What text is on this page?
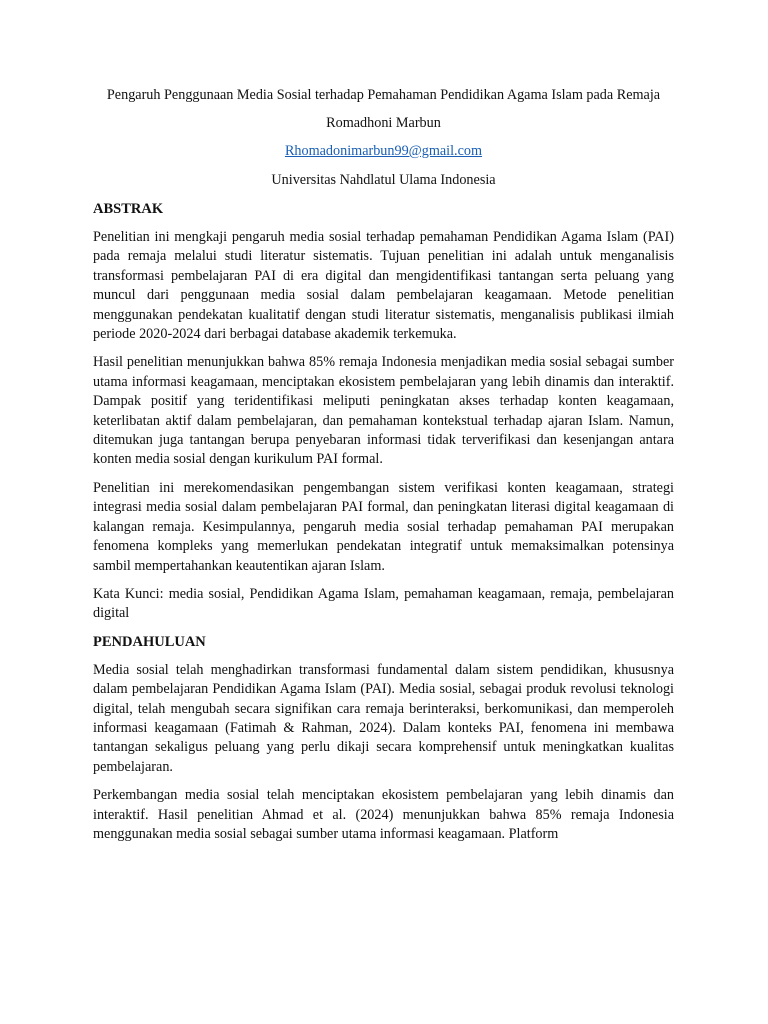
Pengaruh Penggunaan Media Sosial terhadap Pemahaman Pendidikan Agama Islam pada Remaja

Romadhoni Marbun

Rhomadonimarbun99@gmail.com

Universitas Nahdlatul Ulama Indonesia

ABSTRAK

Penelitian ini mengkaji pengaruh media sosial terhadap pemahaman Pendidikan Agama Islam (PAI) pada remaja melalui studi literatur sistematis. Tujuan penelitian ini adalah untuk menganalisis transformasi pembelajaran PAI di era digital dan mengidentifikasi tantangan serta peluang yang muncul dari penggunaan media sosial dalam pembelajaran keagamaan. Metode penelitian menggunakan pendekatan kualitatif dengan studi literatur sistematis, menganalisis publikasi ilmiah periode 2020-2024 dari berbagai database akademik terkemuka.

Hasil penelitian menunjukkan bahwa 85% remaja Indonesia menjadikan media sosial sebagai sumber utama informasi keagamaan, menciptakan ekosistem pembelajaran yang lebih dinamis dan interaktif. Dampak positif yang teridentifikasi meliputi peningkatan akses terhadap konten keagamaan, keterlibatan aktif dalam pembelajaran, dan pemahaman kontekstual terhadap ajaran Islam. Namun, ditemukan juga tantangan berupa penyebaran informasi tidak terverifikasi dan kesenjangan antara konten media sosial dengan kurikulum PAI formal.

Penelitian ini merekomendasikan pengembangan sistem verifikasi konten keagamaan, strategi integrasi media sosial dalam pembelajaran PAI formal, dan peningkatan literasi digital keagamaan di kalangan remaja. Kesimpulannya, pengaruh media sosial terhadap pemahaman PAI merupakan fenomena kompleks yang memerlukan pendekatan integratif untuk memaksimalkan potensinya sambil mempertahankan keautentikan ajaran Islam.

Kata Kunci: media sosial, Pendidikan Agama Islam, pemahaman keagamaan, remaja, pembelajaran digital

PENDAHULUAN

Media sosial telah menghadirkan transformasi fundamental dalam sistem pendidikan, khususnya dalam pembelajaran Pendidikan Agama Islam (PAI). Media sosial, sebagai produk revolusi teknologi digital, telah mengubah secara signifikan cara remaja berinteraksi, berkomunikasi, dan memperoleh informasi keagamaan (Fatimah & Rahman, 2024). Dalam konteks PAI, fenomena ini membawa tantangan sekaligus peluang yang perlu dikaji secara komprehensif untuk meningkatkan kualitas pembelajaran.

Perkembangan media sosial telah menciptakan ekosistem pembelajaran yang lebih dinamis dan interaktif. Hasil penelitian Ahmad et al. (2024) menunjukkan bahwa 85% remaja Indonesia menggunakan media sosial sebagai sumber utama informasi keagamaan. Platform
